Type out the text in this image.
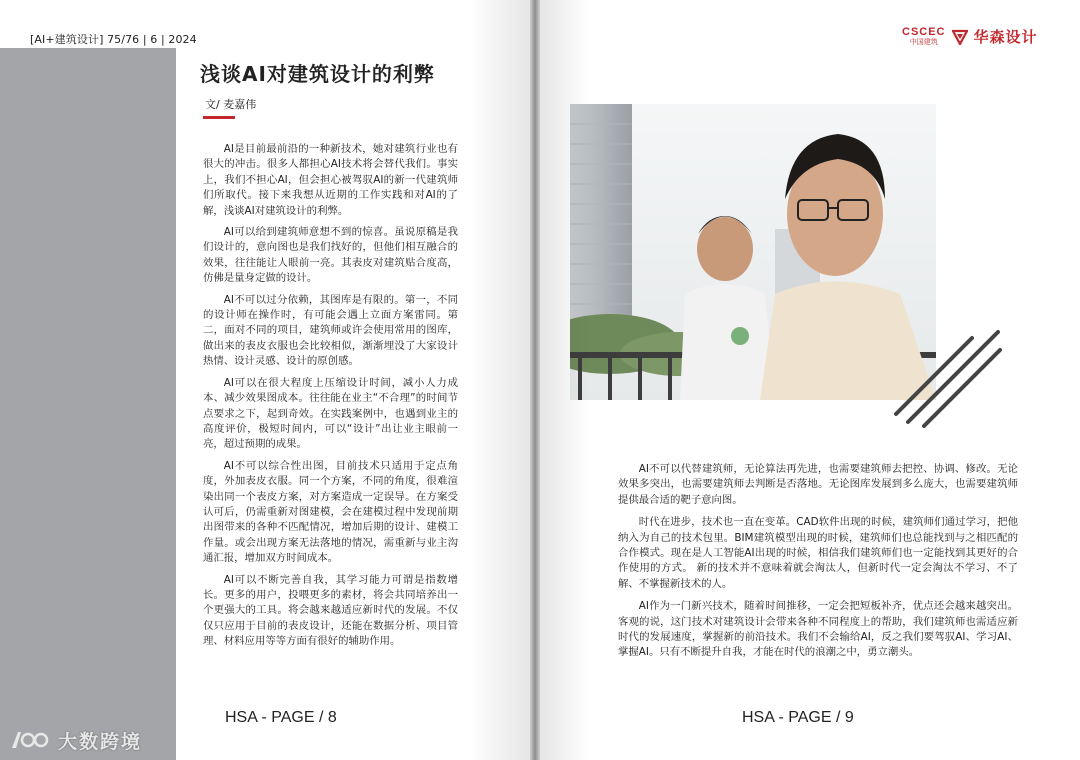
[AI+建筑设计] 75/76 | 6 | 2024
浅谈AI对建筑设计的利弊
文/ 麦嘉伟

AI是目前最前沿的一种新技术，她对建筑行业也有很大的冲击。很多人都担心AI技术将会替代我们。事实上，我们不担心AI，但会担心被驾驭AI的新一代建筑师们所取代。接下来我想从近期的工作实践和对AI的了解，浅谈AI对建筑设计的利弊。

AI可以给到建筑师意想不到的惊喜。虽说原稿是我们设计的，意向图也是我们找好的，但他们相互融合的效果，往往能让人眼前一亮。其表皮对建筑贴合度高，仿佛是量身定做的设计。

AI不可以过分依赖，其图库是有限的。第一，不同的设计师在操作时，有可能会遇上立面方案雷同。第二，面对不同的项目，建筑师或许会使用常用的图库，做出来的表皮衣服也会比较相似，渐渐埋没了大家设计热情、设计灵感、设计的原创感。

AI可以在很大程度上压缩设计时间，减小人力成本、减少效果图成本。往往能在业主“不合理”的时间节点要求之下，起到奇效。在实践案例中，也遇到业主的高度评价，极短时间内，可以“设计”出让业主眼前一亮，超过预期的成果。

AI不可以综合性出图，目前技术只适用于定点角度，外加表皮衣服。同一个方案，不同的角度，很难渲染出同一个表皮方案，对方案造成一定误导。在方案受认可后，仍需重新对图建模，会在建模过程中发现前期出图带来的各种不匹配情况，增加后期的设计、建模工作量。或会出现方案无法落地的情况，需重新与业主沟通汇报，增加双方时间成本。

AI可以不断完善自我，其学习能力可谓是指数增长。更多的用户，投喂更多的素材，将会共同培养出一个更强大的工具。将会越来越适应新时代的发展。不仅仅只应用于目前的表皮设计，还能在数据分析、项目管理、材料应用等等方面有很好的辅助作用。

HSA - PAGE / 8
CSCEC
中国建筑 华森设计

AI不可以代替建筑师，无论算法再先进，也需要建筑师去把控、协调、修改。无论效果多突出，也需要建筑师去判断是否落地。无论图库发展到多么庞大，也需要建筑师提供最合适的靶子意向图。

时代在进步，技术也一直在变革。CAD软件出现的时候，建筑师们通过学习，把他纳入为自己的技术包里。BIM建筑模型出现的时候，建筑师们也总能找到与之相匹配的合作模式。现在是人工智能AI出现的时候，相信我们建筑师们也一定能找到其更好的合作使用的方式。 新的技术并不意味着就会淘汰人，但新时代一定会淘汰不学习、不了解、不掌握新技术的人。

AI作为一门新兴技术，随着时间推移，一定会把短板补齐，优点还会越来越突出。客观的说，这门技术对建筑设计会带来各种不同程度上的帮助，我们建筑师也需适应新时代的发展速度，掌握新的前沿技术。我们不会输给AI，反之我们要驾驭AI、学习AI、掌握AI。只有不断提升自我，才能在时代的浪潮之中，勇立潮头。

HSA - PAGE / 9
大数跨境
